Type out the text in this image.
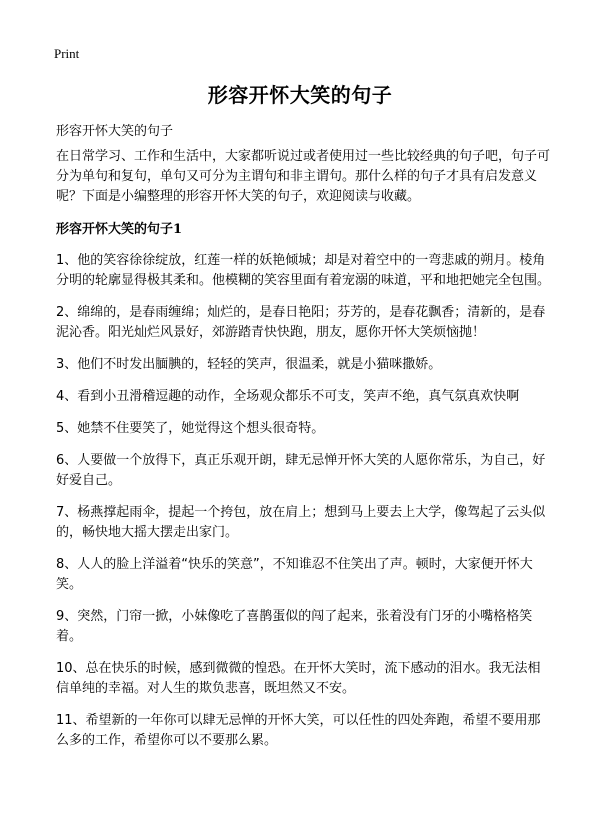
Print
形容开怀大笑的句子
形容开怀大笑的句子

在日常学习、工作和生活中，大家都听说过或者使用过一些比较经典的句子吧，句子可分为单句和复句，单句又可分为主谓句和非主谓句。那什么样的句子才具有启发意义呢？下面是小编整理的形容开怀大笑的句子，欢迎阅读与收藏。

形容开怀大笑的句子1

1、他的笑容徐徐绽放，红莲一样的妖艳倾城；却是对着空中的一弯悲戚的朔月。棱角分明的轮廓显得极其柔和。他模糊的笑容里面有着宠溺的味道，平和地把她完全包围。

2、绵绵的，是春雨缠绵；灿烂的，是春日艳阳；芬芳的，是春花飘香；清新的，是春泥沁香。阳光灿烂风景好，郊游踏青快快跑，朋友，愿你开怀大笑烦恼抛！

3、他们不时发出腼腆的，轻轻的笑声，很温柔，就是小猫咪撒娇。

4、看到小丑滑稽逗趣的动作，全场观众都乐不可支，笑声不绝，真气氛真欢快啊

5、她禁不住要笑了，她觉得这个想头很奇特。

6、人要做一个放得下，真正乐观开朗，肆无忌惮开怀大笑的人愿你常乐，为自己，好好爱自己。

7、杨燕撑起雨伞，提起一个挎包，放在肩上；想到马上要去上大学，像驾起了云头似的，畅快地大摇大摆走出家门。

8、人人的脸上洋溢着“快乐的笑意”，不知谁忍不住笑出了声。顿时，大家便开怀大笑。

9、突然，门帘一掀，小妹像吃了喜鹊蛋似的闯了起来，张着没有门牙的小嘴格格笑着。

10、总在快乐的时候，感到微微的惶恐。在开怀大笑时，流下感动的泪水。我无法相信单纯的幸福。对人生的欺负悲喜，既坦然又不安。

11、希望新的一年你可以肆无忌惮的开怀大笑，可以任性的四处奔跑，希望不要用那么多的工作，希望你可以不要那么累。
